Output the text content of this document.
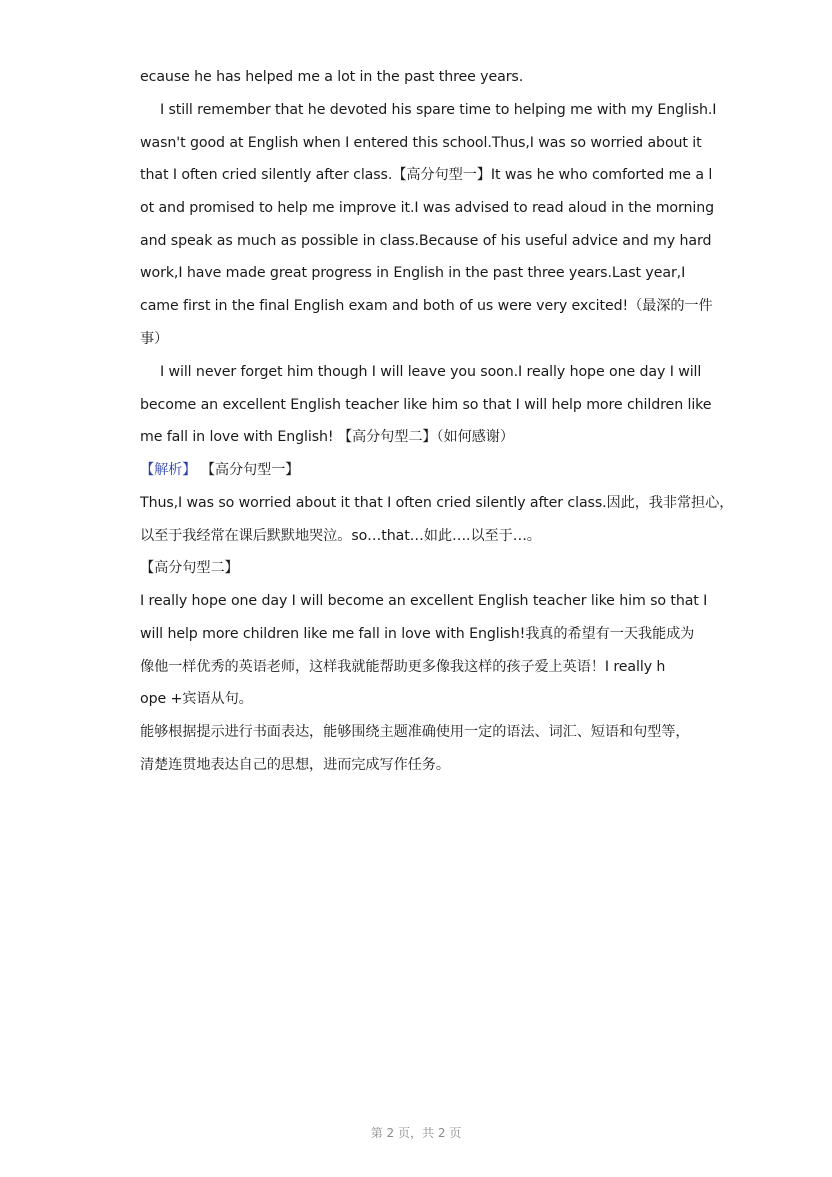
ecause he has helped me a lot in the past three years.
I still remember that he devoted his spare time to helping me with my English.I
wasn't good at English when I entered this school.Thus,I was so worried about it
that I often cried silently after class.【高分句型一】It was he who comforted me a l
ot and promised to help me improve it.I was advised to read aloud in the morning
and speak as much as possible in class.Because of his useful advice and my hard
work,I have made great progress in English in the past three years.Last year,I
came first in the final English exam and both of us were very excited!（最深的一件
事）
I will never forget him though I will leave you soon.I really hope one day I will
become an excellent English teacher like him so that I will help more children like
me fall in love with English! 【高分句型二】（如何感谢）
【解析】 【高分句型一】
Thus,I was so worried about it that I often cried silently after class.因此，我非常担心，
以至于我经常在课后默默地哭泣。so…that…如此….以至于…。
【高分句型二】
I really hope one day I will become an excellent English teacher like him so that I
will help more children like me fall in love with English!我真的希望有一天我能成为
像他一样优秀的英语老师，这样我就能帮助更多像我这样的孩子爱上英语！I really h
ope +宾语从句。
能够根据提示进行书面表达，能够围绕主题准确使用一定的语法、词汇、短语和句型等，
清楚连贯地表达自己的思想，进而完成写作任务。
第 2 页，共 2 页
